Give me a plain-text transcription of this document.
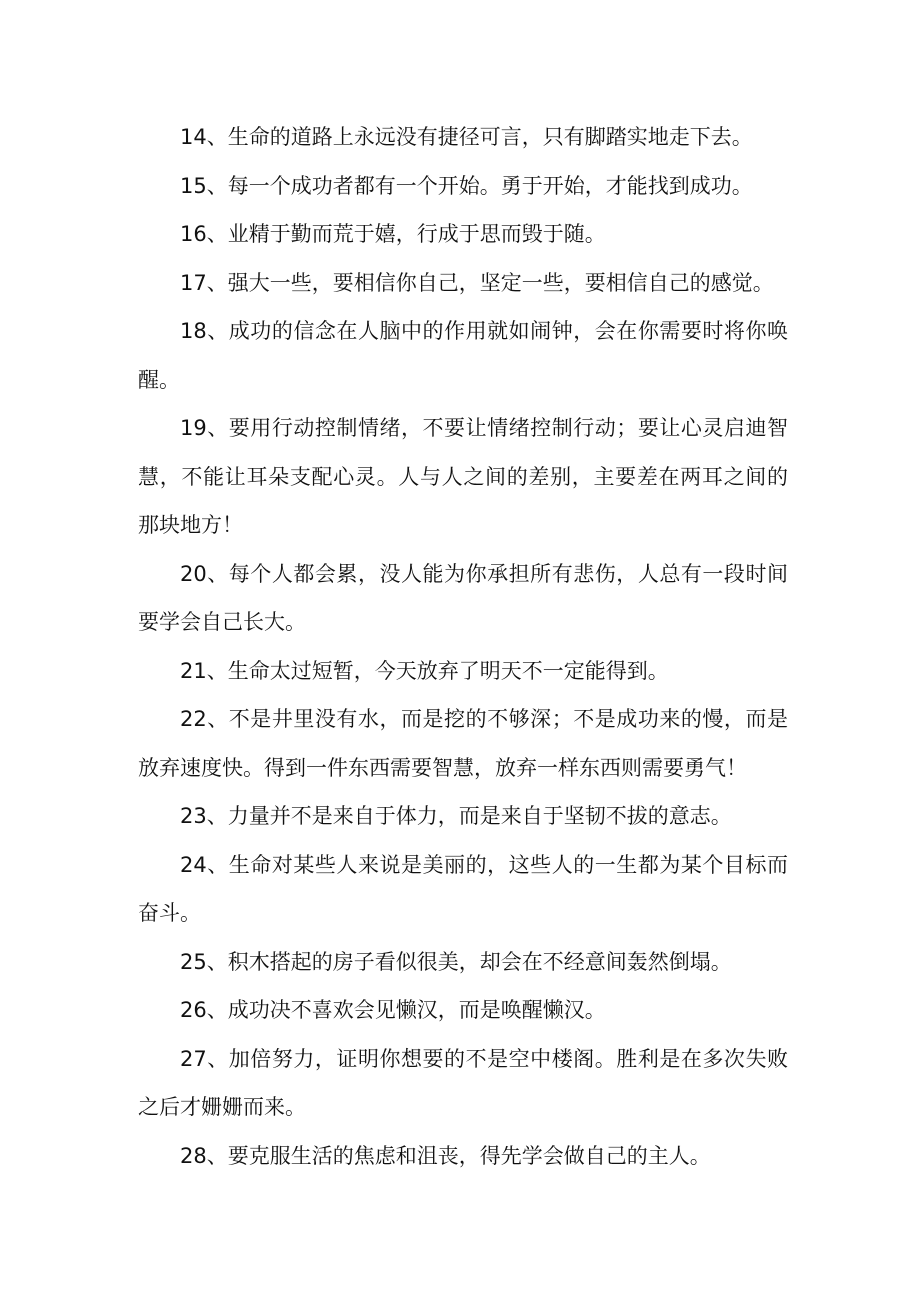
14、生命的道路上永远没有捷径可言，只有脚踏实地走下去。

15、每一个成功者都有一个开始。勇于开始，才能找到成功。

16、业精于勤而荒于嬉，行成于思而毁于随。

17、强大一些，要相信你自己，坚定一些，要相信自己的感觉。

18、成功的信念在人脑中的作用就如闹钟，会在你需要时将你唤醒。

19、要用行动控制情绪，不要让情绪控制行动；要让心灵启迪智慧，不能让耳朵支配心灵。人与人之间的差别，主要差在两耳之间的那块地方！

20、每个人都会累，没人能为你承担所有悲伤，人总有一段时间要学会自己长大。

21、生命太过短暂，今天放弃了明天不一定能得到。

22、不是井里没有水，而是挖的不够深；不是成功来的慢，而是放弃速度快。得到一件东西需要智慧，放弃一样东西则需要勇气！

23、力量并不是来自于体力，而是来自于坚韧不拔的意志。

24、生命对某些人来说是美丽的，这些人的一生都为某个目标而奋斗。

25、积木搭起的房子看似很美，却会在不经意间轰然倒塌。

26、成功决不喜欢会见懒汉，而是唤醒懒汉。

27、加倍努力，证明你想要的不是空中楼阁。胜利是在多次失败之后才姗姗而来。

28、要克服生活的焦虑和沮丧，得先学会做自己的主人。
